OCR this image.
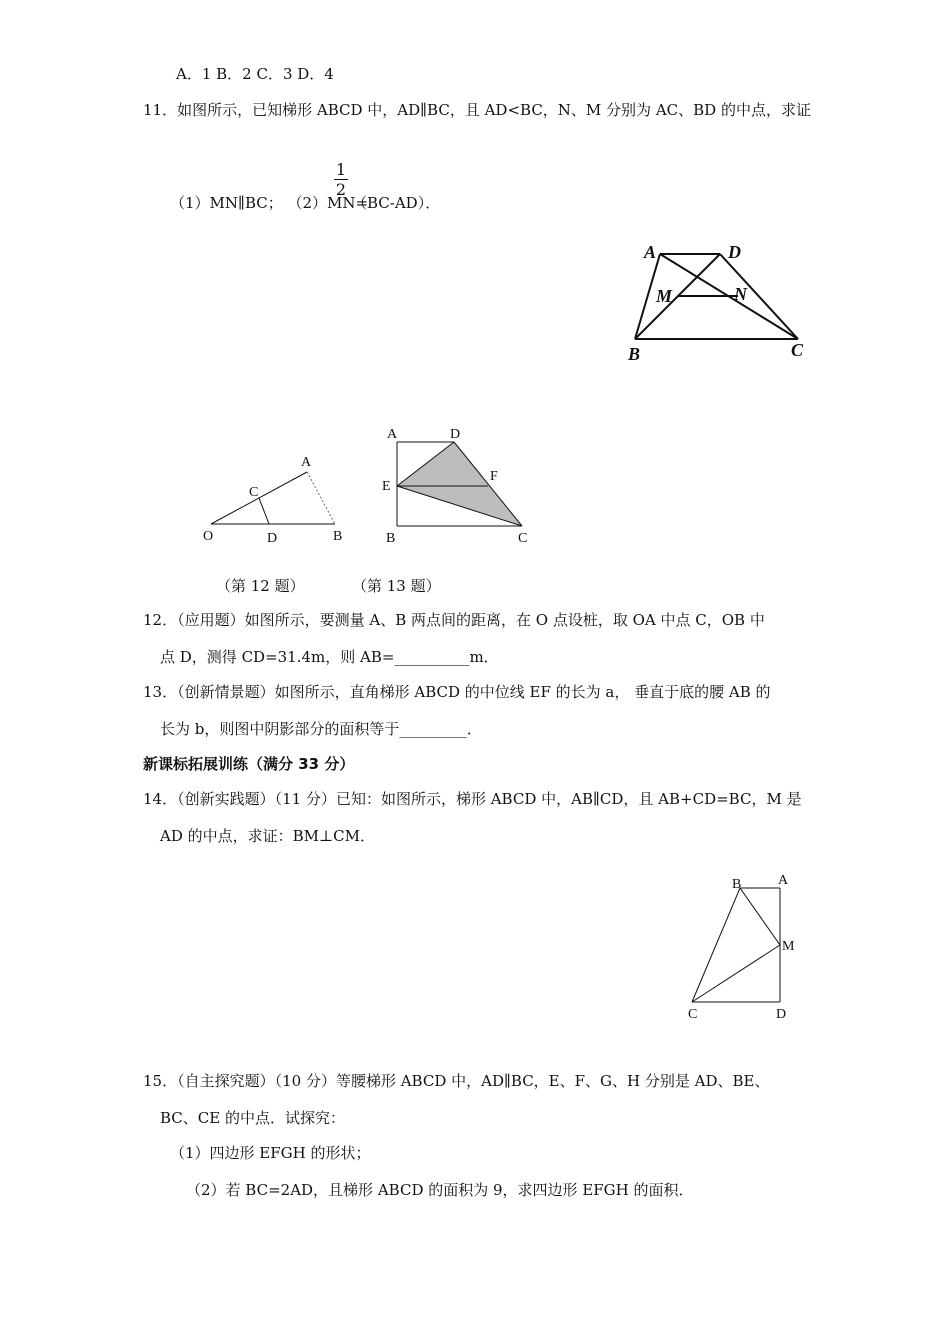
A．1 B．2 C．3 D．4
11．如图所示，已知梯形 ABCD 中，AD∥BC，且 AD<BC，N、M 分别为 AC、BD 的中点，求证
（1）MN∥BC； （2）MN=
1
2
（BC-AD）．
A	D
M	N
B	C
A
C
O	D	B
A	D
F
E
B	C
（第 12 题）	（第 13 题）
12．（应用题）如图所示，要测量 A、B 两点间的距离，在 O 点设桩，取 OA 中点 C，OB 中
点 D，测得 CD=31.4m，则 AB=__________m．
13．（创新情景题）如图所示，直角梯形 ABCD 的中位线 EF 的长为 a， 垂直于底的腰 AB 的
长为 b，则图中阴影部分的面积等于_________．
新课标拓展训练（满分 33 分）
14．（创新实践题）（11 分）已知：如图所示，梯形 ABCD 中，AB∥CD，且 AB+CD=BC，M 是
AD 的中点，求证：BM⊥CM．
B	A
M
C	D
15．（自主探究题）（10 分）等腰梯形 ABCD 中，AD∥BC，E、F、G、H 分别是 AD、BE、
BC、CE 的中点．试探究：
（1）四边形 EFGH 的形状；
（2）若 BC=2AD，且梯形 ABCD 的面积为 9，求四边形 EFGH 的面积．
